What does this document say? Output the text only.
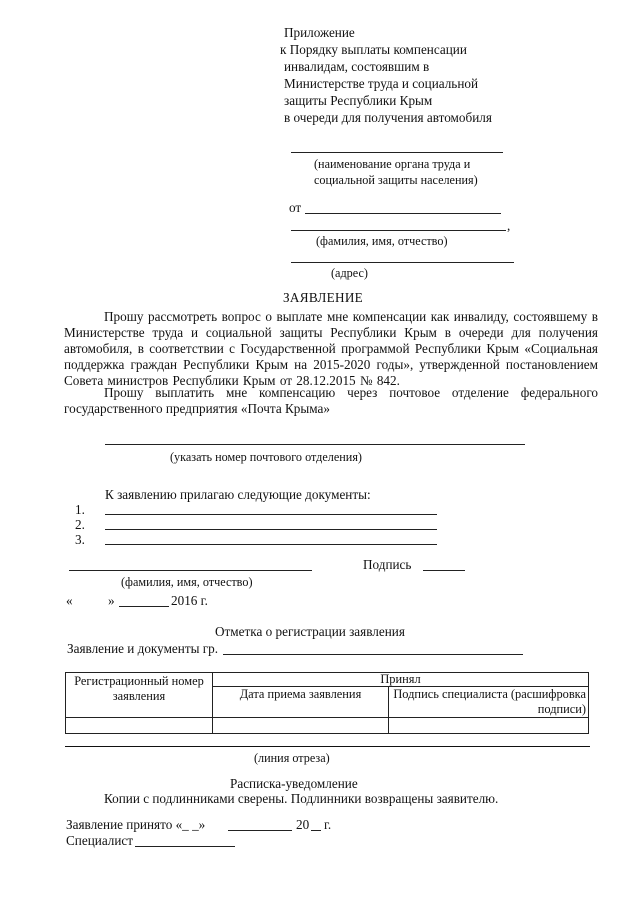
Приложение
к Порядку выплаты компенсации
инвалидам, состоявшим в
Министерстве труда и социальной
защиты Республики Крым
в очереди для получения автомобиля
(наименование органа труда и
социальной защиты населения)
от
,
(фамилия, имя, отчество)
(адрес)
ЗАЯВЛЕНИЕ
Прошу рассмотреть вопрос о выплате мне компенсации как инвалиду, состоявшему в Министерстве труда и социальной защиты Республики Крым в очереди для получения автомобиля, в соответствии с Государственной программой Республики Крым «Социальная поддержка граждан Республики Крым на 2015-2020 годы», утвержденной постановлением Совета министров Республики Крым от 28.12.2015 № 842.
Прошу выплатить мне компенсацию через почтовое отделение федерального государственного предприятия «Почта Крыма»
(указать номер почтового отделения)
К заявлению прилагаю следующие документы:
1.
2.
3.
Подпись
(фамилия, имя, отчество)
«	»	2016 г.
Отметка о регистрации заявления
Заявление и документы гр.
Регистрационный номер заявления	Принял	
	Дата приема заявления	Подпись специалиста (расшифровка подписи)

(линия отреза)
Расписка-уведомление
Копии с подлинниками сверены. Подлинники возвращены заявителю.
Заявление принято «_ _»	20 г.
Специалист
